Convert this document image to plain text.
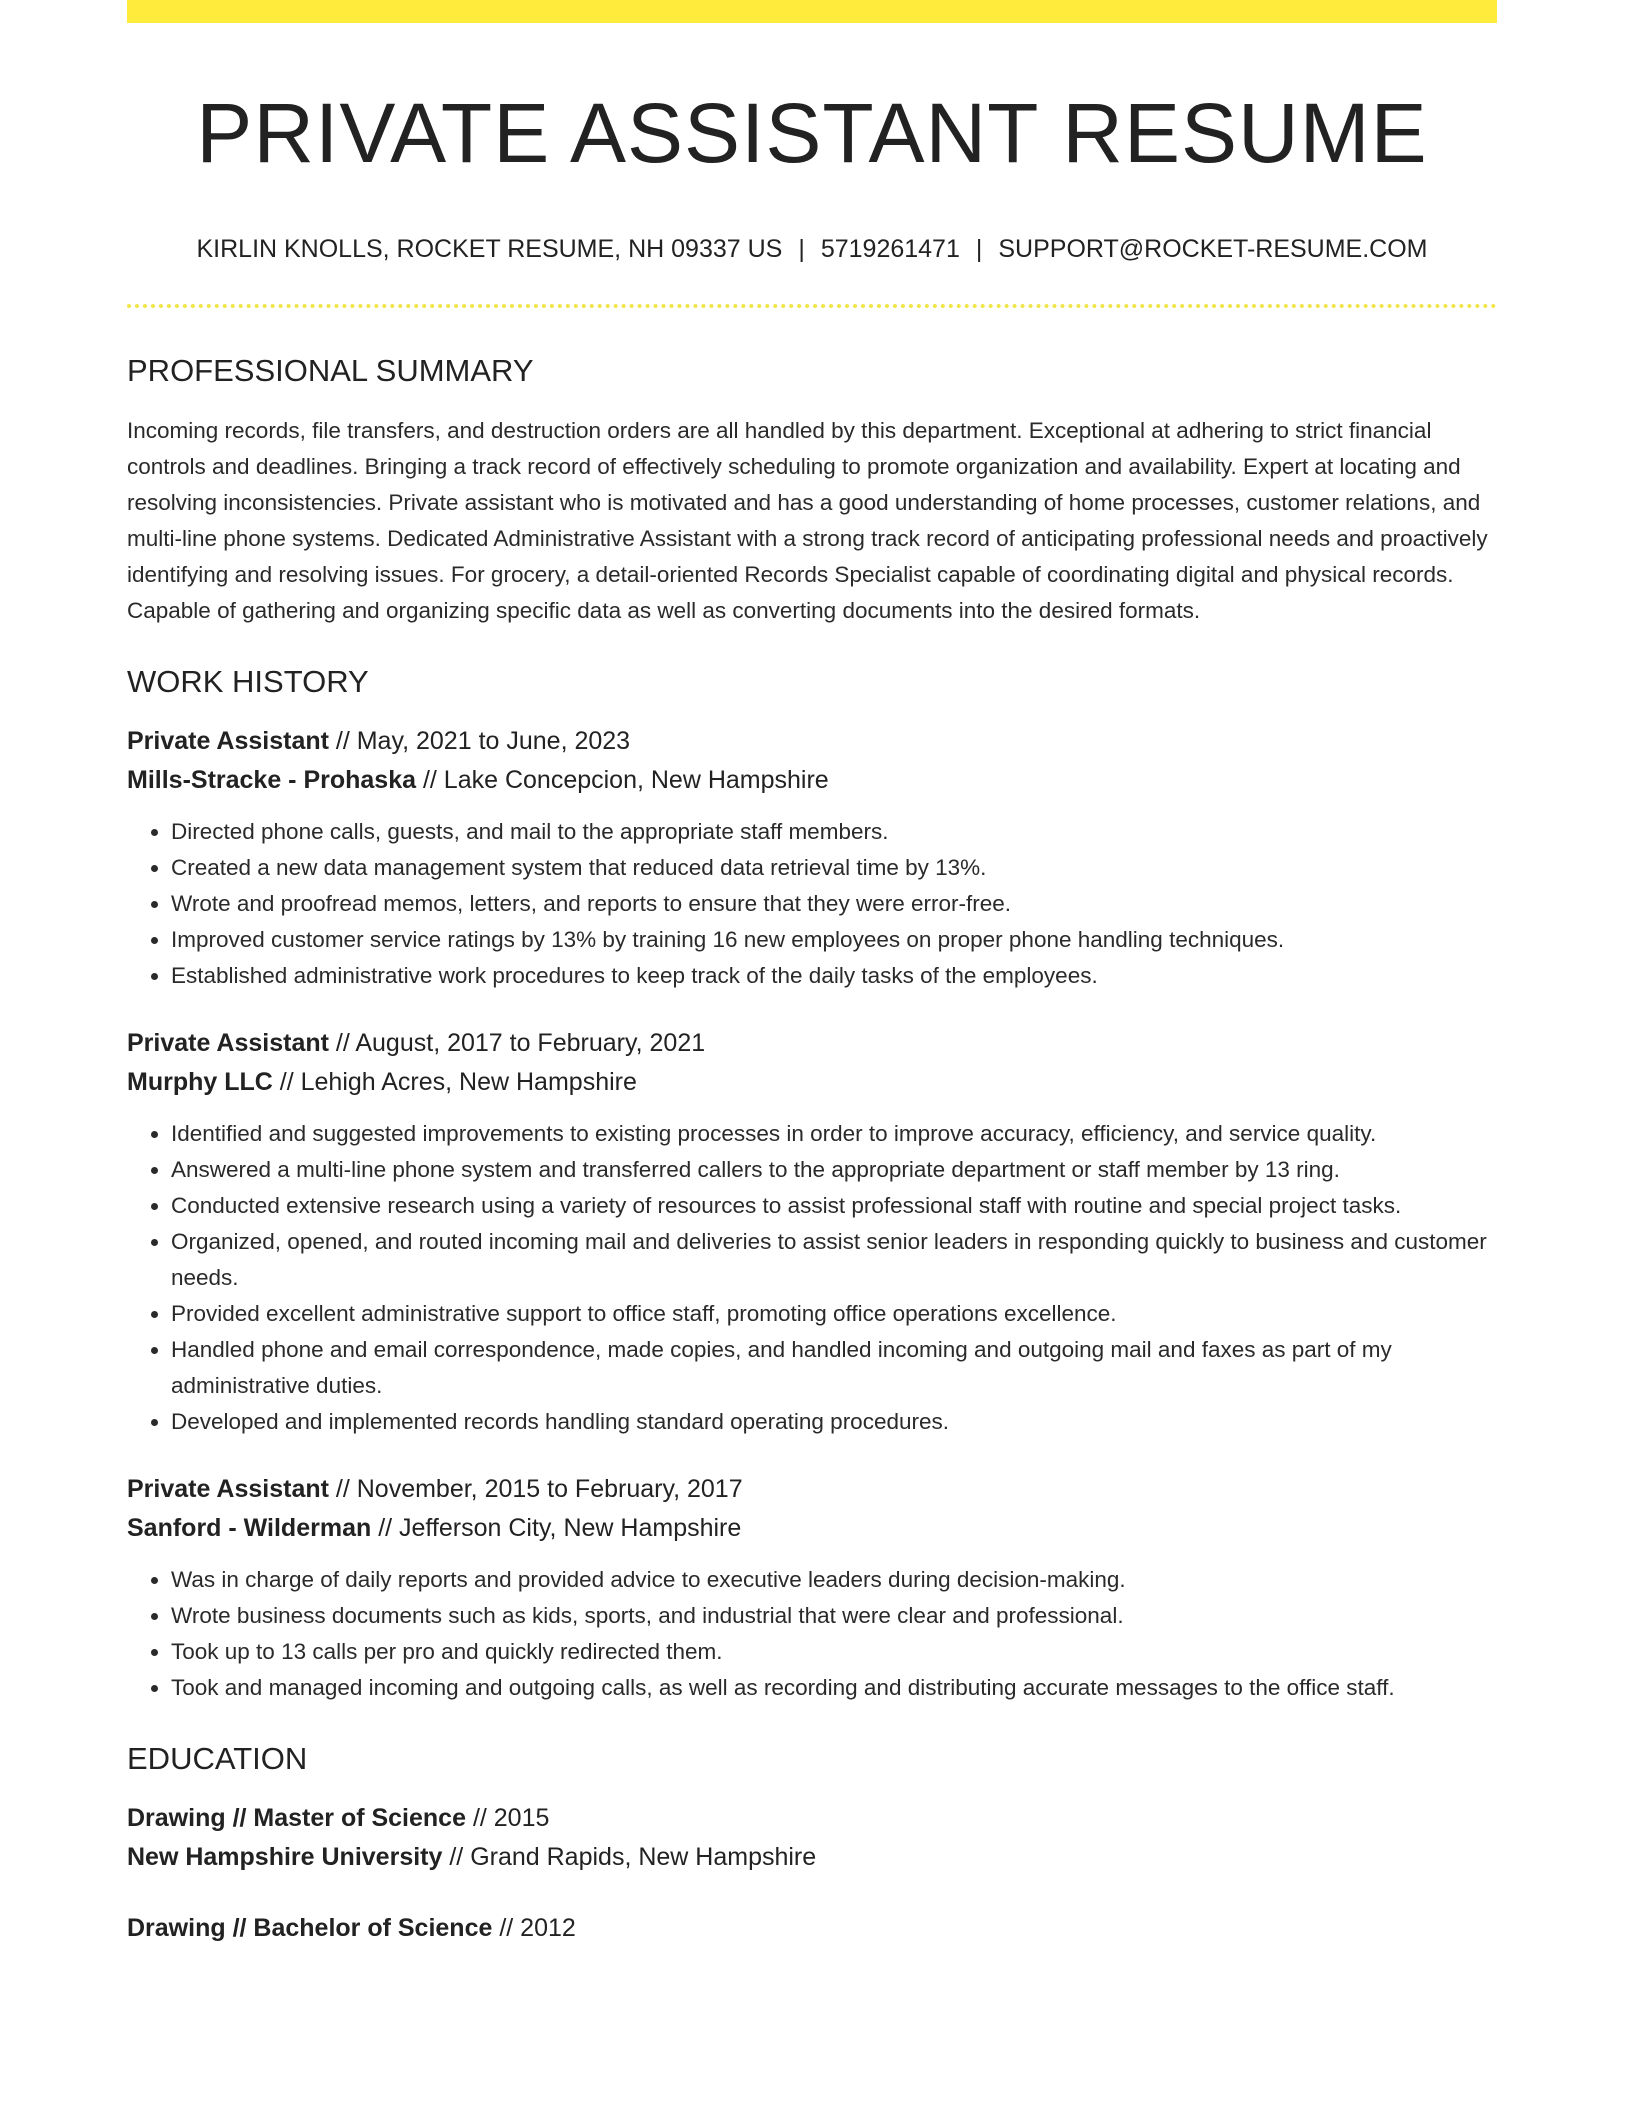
PRIVATE ASSISTANT RESUME
KIRLIN KNOLLS, ROCKET RESUME, NH 09337 US | 5719261471 | SUPPORT@ROCKET-RESUME.COM
PROFESSIONAL SUMMARY

Incoming records, file transfers, and destruction orders are all handled by this department. Exceptional at adhering to strict financial controls and deadlines. Bringing a track record of effectively scheduling to promote organization and availability. Expert at locating and resolving inconsistencies. Private assistant who is motivated and has a good understanding of home processes, customer relations, and multi-line phone systems. Dedicated Administrative Assistant with a strong track record of anticipating professional needs and proactively identifying and resolving issues. For grocery, a detail-oriented Records Specialist capable of coordinating digital and physical records. Capable of gathering and organizing specific data as well as converting documents into the desired formats.

WORK HISTORY
Private Assistant // May, 2021 to June, 2023
Mills-Stracke - Prohaska // Lake Concepcion, New Hampshire
• Directed phone calls, guests, and mail to the appropriate staff members.
• Created a new data management system that reduced data retrieval time by 13%.
• Wrote and proofread memos, letters, and reports to ensure that they were error-free.
• Improved customer service ratings by 13% by training 16 new employees on proper phone handling techniques.
• Established administrative work procedures to keep track of the daily tasks of the employees.
Private Assistant // August, 2017 to February, 2021
Murphy LLC // Lehigh Acres, New Hampshire
• Identified and suggested improvements to existing processes in order to improve accuracy, efficiency, and service quality.
• Answered a multi-line phone system and transferred callers to the appropriate department or staff member by 13 ring.
• Conducted extensive research using a variety of resources to assist professional staff with routine and special project tasks.
• Organized, opened, and routed incoming mail and deliveries to assist senior leaders in responding quickly to business and customer needs.
• Provided excellent administrative support to office staff, promoting office operations excellence.
• Handled phone and email correspondence, made copies, and handled incoming and outgoing mail and faxes as part of my administrative duties.
• Developed and implemented records handling standard operating procedures.
Private Assistant // November, 2015 to February, 2017
Sanford - Wilderman // Jefferson City, New Hampshire
• Was in charge of daily reports and provided advice to executive leaders during decision-making.
• Wrote business documents such as kids, sports, and industrial that were clear and professional.
• Took up to 13 calls per pro and quickly redirected them.
• Took and managed incoming and outgoing calls, as well as recording and distributing accurate messages to the office staff.
EDUCATION
Drawing // Master of Science // 2015
New Hampshire University // Grand Rapids, New Hampshire
Drawing // Bachelor of Science // 2012
